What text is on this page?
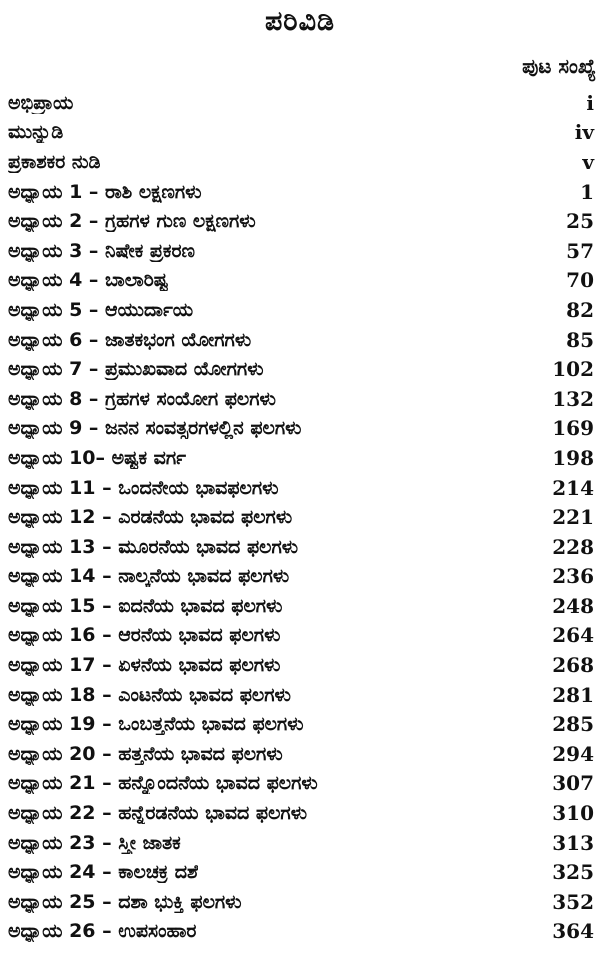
ಪರಿವಿಡಿ
ಪುಟ ಸಂಖ್ಯೆ
ಅಭಿಪ್ರಾಯ	i
ಮುನ್ನುಡಿ	iv
ಪ್ರಕಾಶಕರ ನುಡಿ	v
ಅಧ್ಯಾಯ 1 – ರಾಶಿ ಲಕ್ಷಣಗಳು	1
ಅಧ್ಯಾಯ 2 – ಗ್ರಹಗಳ ಗುಣ ಲಕ್ಷಣಗಳು	25
ಅಧ್ಯಾಯ 3 – ನಿಷೇಕ ಪ್ರಕರಣ	57
ಅಧ್ಯಾಯ 4 – ಬಾಲಾರಿಷ್ಟ	70
ಅಧ್ಯಾಯ 5 – ಆಯುರ್ದಾಯ	82
ಅಧ್ಯಾಯ 6 – ಜಾತಕಭಂಗ ಯೋಗಗಳು	85
ಅಧ್ಯಾಯ 7 – ಪ್ರಮುಖವಾದ ಯೋಗಗಳು	102
ಅಧ್ಯಾಯ 8 – ಗ್ರಹಗಳ ಸಂಯೋಗ ಫಲಗಳು	132
ಅಧ್ಯಾಯ 9 – ಜನನ ಸಂವತ್ಸರಗಳಲ್ಲಿನ ಫಲಗಳು	169
ಅಧ್ಯಾಯ 10– ಅಷ್ಟಕ ವರ್ಗ	198
ಅಧ್ಯಾಯ 11 – ಒಂದನೇಯ ಭಾವಫಲಗಳು	214
ಅಧ್ಯಾಯ 12 – ಎರಡನೆಯ ಭಾವದ ಫಲಗಳು	221
ಅಧ್ಯಾಯ 13 – ಮೂರನೆಯ ಭಾವದ ಫಲಗಳು	228
ಅಧ್ಯಾಯ 14 – ನಾಲ್ಕನೆಯ ಭಾವದ ಫಲಗಳು	236
ಅಧ್ಯಾಯ 15 – ಐದನೆಯ ಭಾವದ ಫಲಗಳು	248
ಅಧ್ಯಾಯ 16 – ಆರನೆಯ ಭಾವದ ಫಲಗಳು	264
ಅಧ್ಯಾಯ 17 – ಏಳನೆಯ ಭಾವದ ಫಲಗಳು	268
ಅಧ್ಯಾಯ 18 – ಎಂಟನೆಯ ಭಾವದ ಫಲಗಳು	281
ಅಧ್ಯಾಯ 19 – ಒಂಬತ್ತನೆಯ ಭಾವದ ಫಲಗಳು	285
ಅಧ್ಯಾಯ 20 – ಹತ್ತನೆಯ ಭಾವದ ಫಲಗಳು	294
ಅಧ್ಯಾಯ 21 – ಹನ್ನೊಂದನೆಯ ಭಾವದ ಫಲಗಳು	307
ಅಧ್ಯಾಯ 22 – ಹನ್ನೆರಡನೆಯ ಭಾವದ ಫಲಗಳು	310
ಅಧ್ಯಾಯ 23 – ಸ್ತ್ರೀ ಜಾತಕ	313
ಅಧ್ಯಾಯ 24 – ಕಾಲಚಕ್ರ ದಶೆ	325
ಅಧ್ಯಾಯ 25 – ದಶಾ ಭುಕ್ತಿ ಫಲಗಳು	352
ಅಧ್ಯಾಯ 26 – ಉಪಸಂಹಾರ	364
